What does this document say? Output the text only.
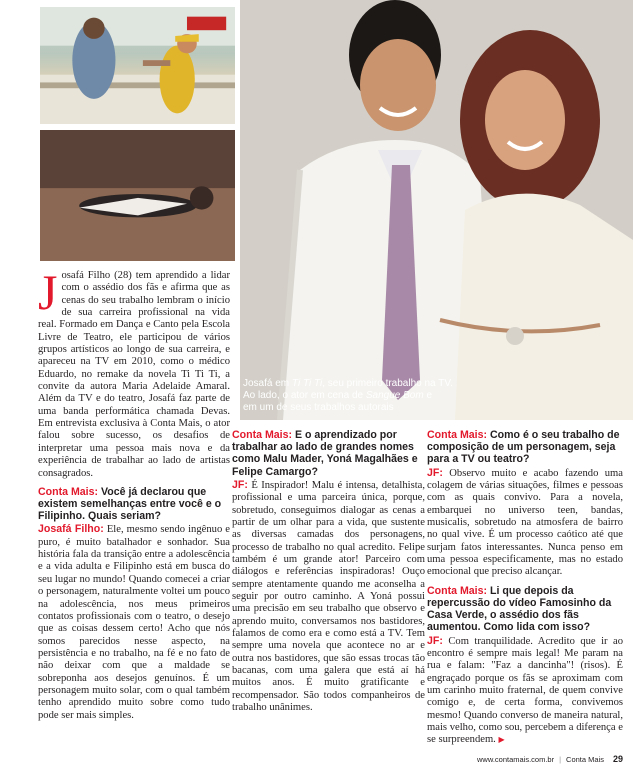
Josafá em Ti Ti Ti, seu primeiro trabalho na TV.
Ao lado, o ator em cena de Sangue Bom e
em um de seus trabalhos autorais

Josafá Filho (28) tem aprendido a lidar com o assédio dos fãs e afirma que as cenas do seu trabalho lembram o início de sua carreira profissional na vida real. Formado em Dança e Canto pela Escola Livre de Teatro, ele participou de vários grupos artísticos ao longo de sua carreira, e apareceu na TV em 2010, como o médico Eduardo, no remake da novela Ti Ti Ti, a convite da autora Maria Adelaide Amaral. Além da TV e do teatro, Josafá faz parte de uma banda performática chamada Devas. Em entrevista exclusiva à Conta Mais, o ator falou sobre sucesso, os desafios de interpretar uma pessoa mais nova e da experiência de trabalhar ao lado de artistas consagrados.

Conta Mais: Você já declarou que existem semelhanças entre você e o Filipinho. Quais seriam?

Josafá Filho: Ele, mesmo sendo ingênuo e puro, é muito batalhador e sonhador. Sua história fala da transição entre a adolescência e a vida adulta e Filipinho está em busca do seu lugar no mundo! Quando comecei a criar o personagem, naturalmente voltei um pouco na adolescência, nos meus primeiros contatos profissionais com o teatro, o desejo que as coisas dessem certo! Acho que nós somos parecidos nesse aspecto, na persistência e no trabalho, na fé e no fato de não deixar com que a maldade se sobreponha aos desejos genuínos. É um personagem muito solar, com o qual também tenho aprendido muito sobre como tudo pode ser mais simples.

Conta Mais: E o aprendizado por trabalhar ao lado de grandes nomes como Malu Mader, Yoná Magalhães e Felipe Camargo?

JF: É Inspirador! Malu é intensa, detalhista, profissional e uma parceira única, porque, sobretudo, conseguimos dialogar as cenas a partir de um olhar para a vida, que sustente as diversas camadas dos personagens, processo de trabalho no qual acredito. Felipe também é um grande ator! Parceiro com diálogos e referências inspiradoras! Ouço sempre atentamente quando me aconselha a seguir por outro caminho. A Yoná possui uma precisão em seu trabalho que observo e aprendo muito, conversamos nos bastidores, falamos de como era e como está a TV. Tem sempre uma novela que acontece no ar e outra nos bastidores, que são essas trocas tão bacanas, com uma galera que está aí há muitos anos. É muito gratificante e recompensador. São todos companheiros de trabalho unânimes.

Conta Mais: Como é o seu trabalho de composição de um personagem, seja para a TV ou teatro?

JF: Observo muito e acabo fazendo uma colagem de várias situações, filmes e pessoas com as quais convivo. Para a novela, embarquei no universo teen, bandas, musicalis, sobretudo na atmosfera de bairro no qual vive. É um processo caótico até que surjam fatos interessantes. Nunca penso em uma pessoa especificamente, mas no estado emocional que preciso alcançar.

Conta Mais: Li que depois da repercussão do vídeo Famosinho da Casa Verde, o assédio dos fãs aumentou. Como lida com isso?

JF: Com tranquilidade. Acredito que ir ao encontro é sempre mais legal! Me param na rua e falam: "Faz a dancinha"! (risos). É engraçado porque os fãs se aproximam com um carinho muito fraternal, de quem convive comigo e, de certa forma, convivemos mesmo! Quando converso de maneira natural, mais velho, como sou, percebem a diferença e se surpreendem. ▶

www.contamais.com.br | Conta Mais 29
